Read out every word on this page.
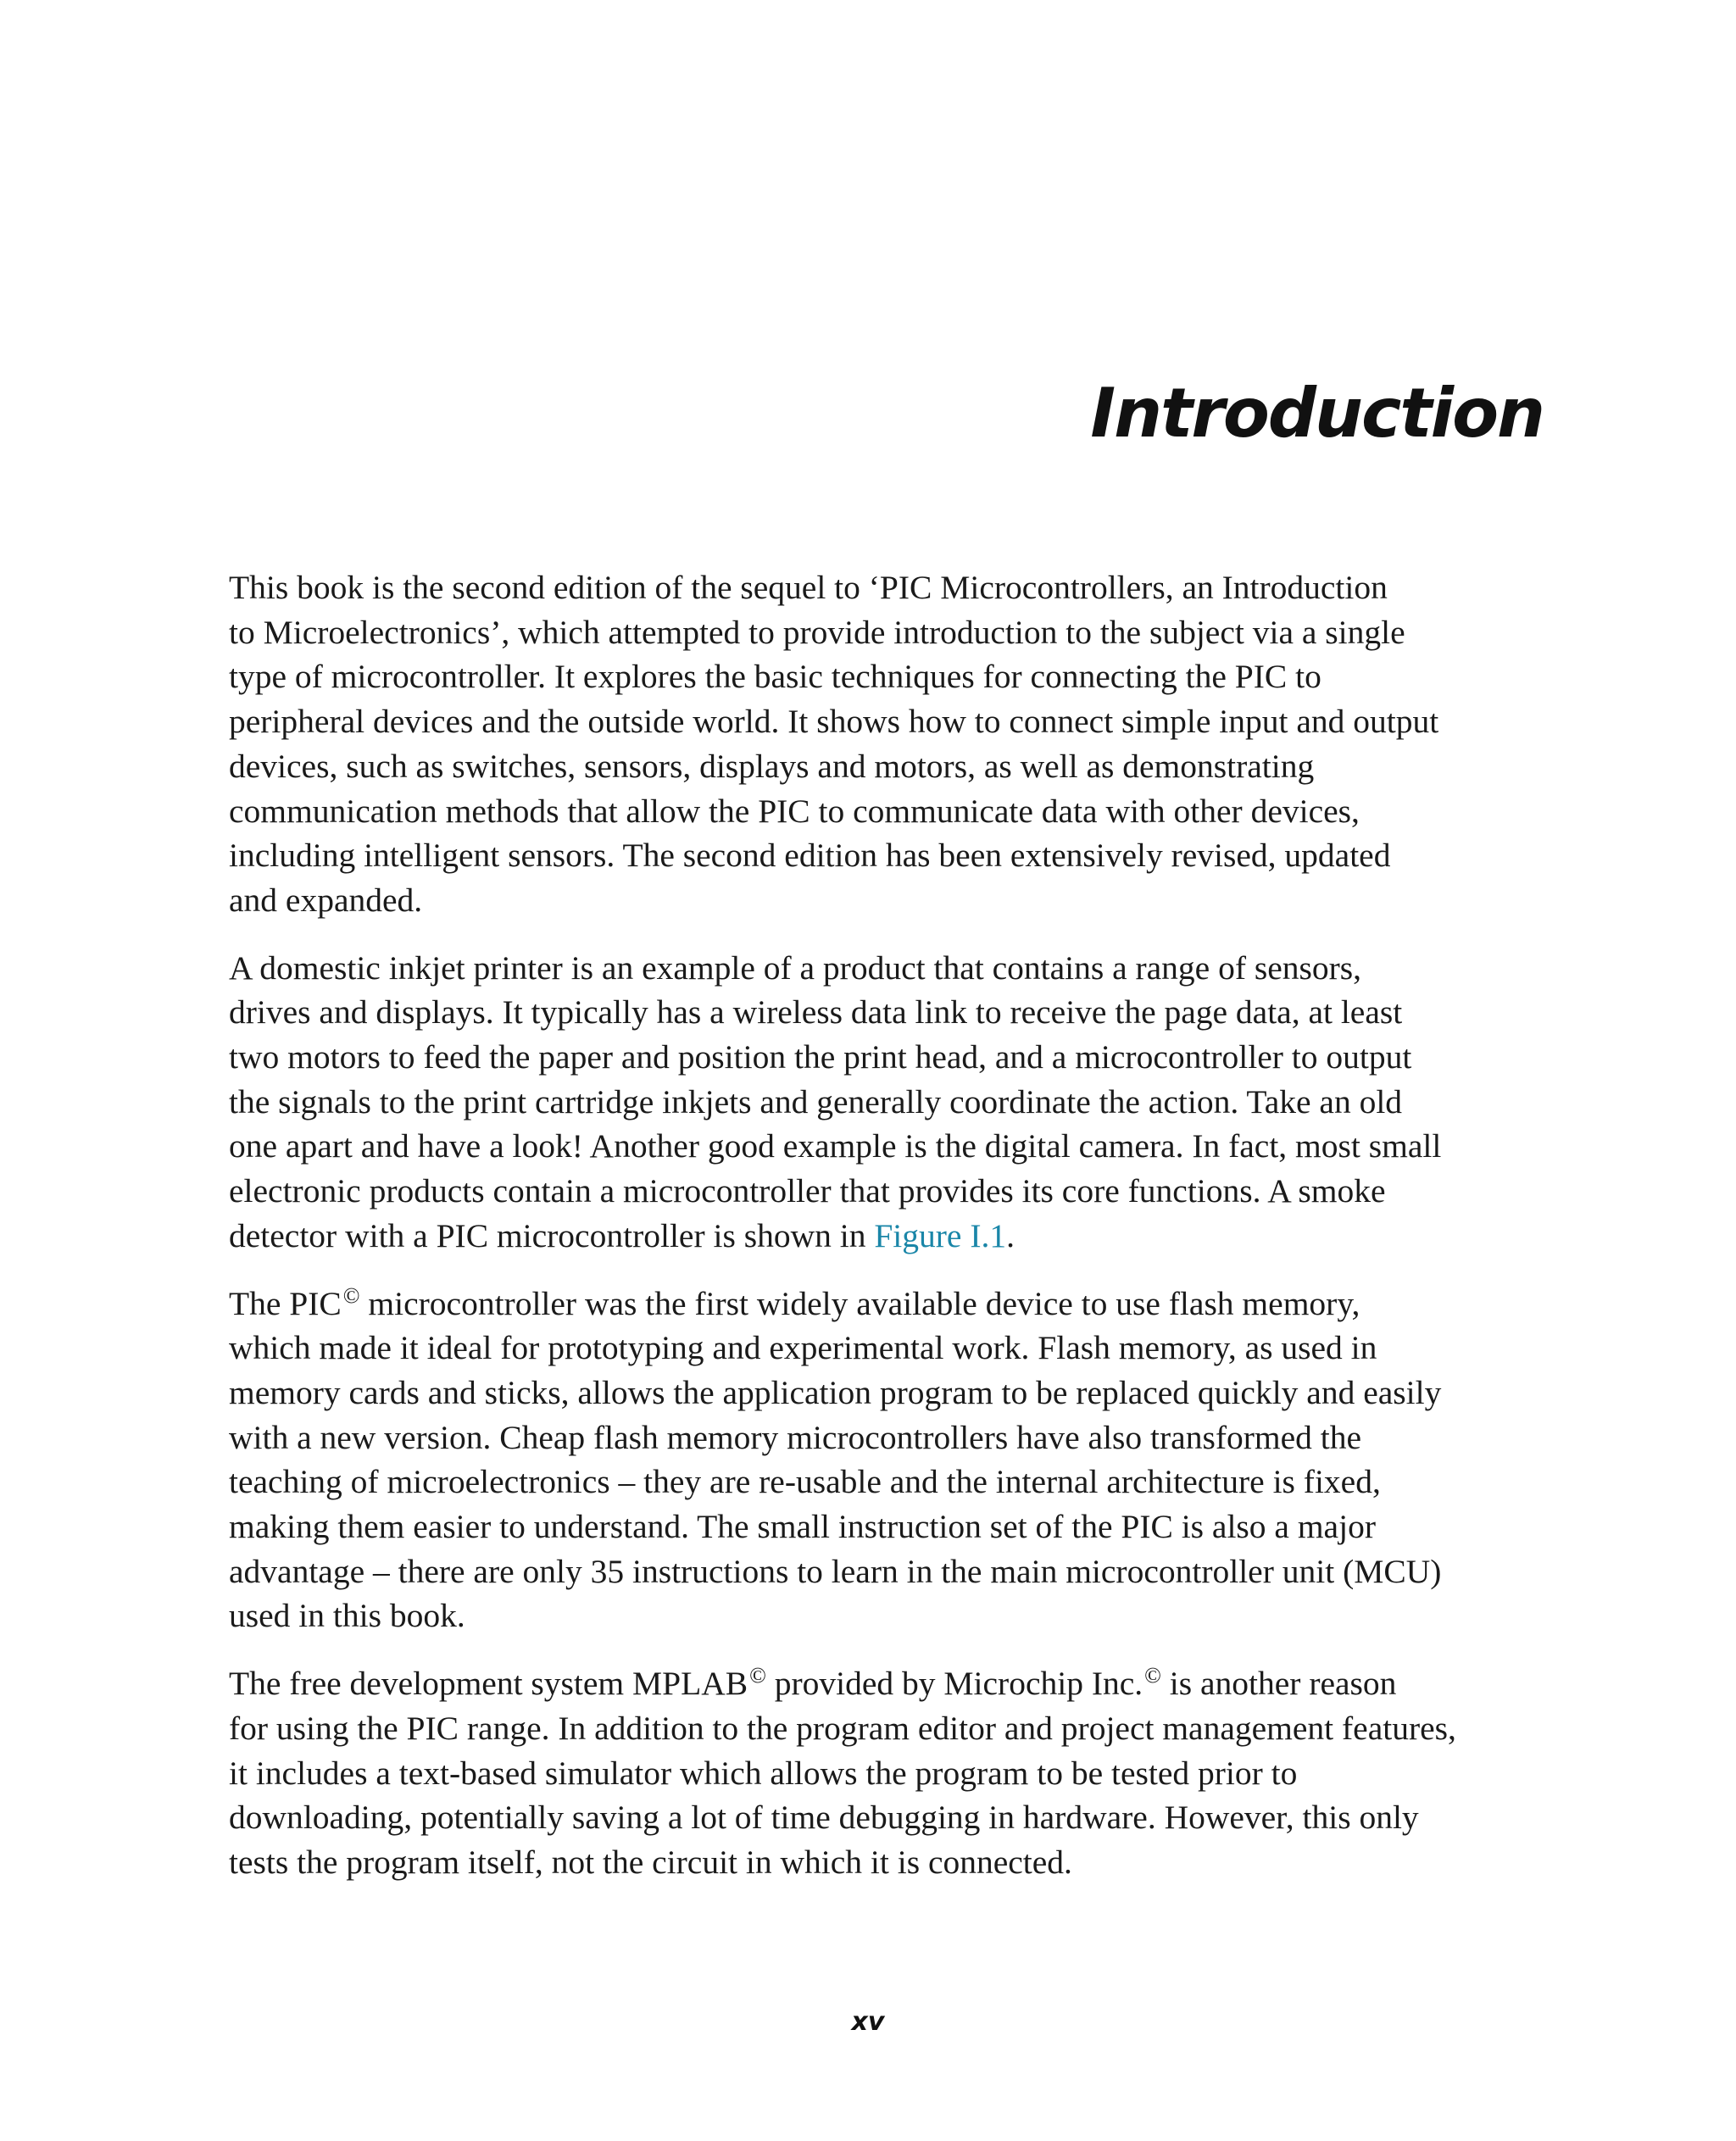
Introduction

This book is the second edition of the sequel to ‘PIC Microcontrollers, an Introduction
to Microelectronics’, which attempted to provide introduction to the subject via a single
type of microcontroller. It explores the basic techniques for connecting the PIC to
peripheral devices and the outside world. It shows how to connect simple input and output
devices, such as switches, sensors, displays and motors, as well as demonstrating
communication methods that allow the PIC to communicate data with other devices,
including intelligent sensors. The second edition has been extensively revised, updated
and expanded.

A domestic inkjet printer is an example of a product that contains a range of sensors,
drives and displays. It typically has a wireless data link to receive the page data, at least
two motors to feed the paper and position the print head, and a microcontroller to output
the signals to the print cartridge inkjets and generally coordinate the action. Take an old
one apart and have a look! Another good example is the digital camera. In fact, most small
electronic products contain a microcontroller that provides its core functions. A smoke
detector with a PIC microcontroller is shown in Figure I.1.

The PIC© microcontroller was the first widely available device to use flash memory,
which made it ideal for prototyping and experimental work. Flash memory, as used in
memory cards and sticks, allows the application program to be replaced quickly and easily
with a new version. Cheap flash memory microcontrollers have also transformed the
teaching of microelectronics – they are re-usable and the internal architecture is fixed,
making them easier to understand. The small instruction set of the PIC is also a major
advantage – there are only 35 instructions to learn in the main microcontroller unit (MCU)
used in this book.

The free development system MPLAB© provided by Microchip Inc.© is another reason
for using the PIC range. In addition to the program editor and project management features,
it includes a text-based simulator which allows the program to be tested prior to
downloading, potentially saving a lot of time debugging in hardware. However, this only
tests the program itself, not the circuit in which it is connected.

xv
